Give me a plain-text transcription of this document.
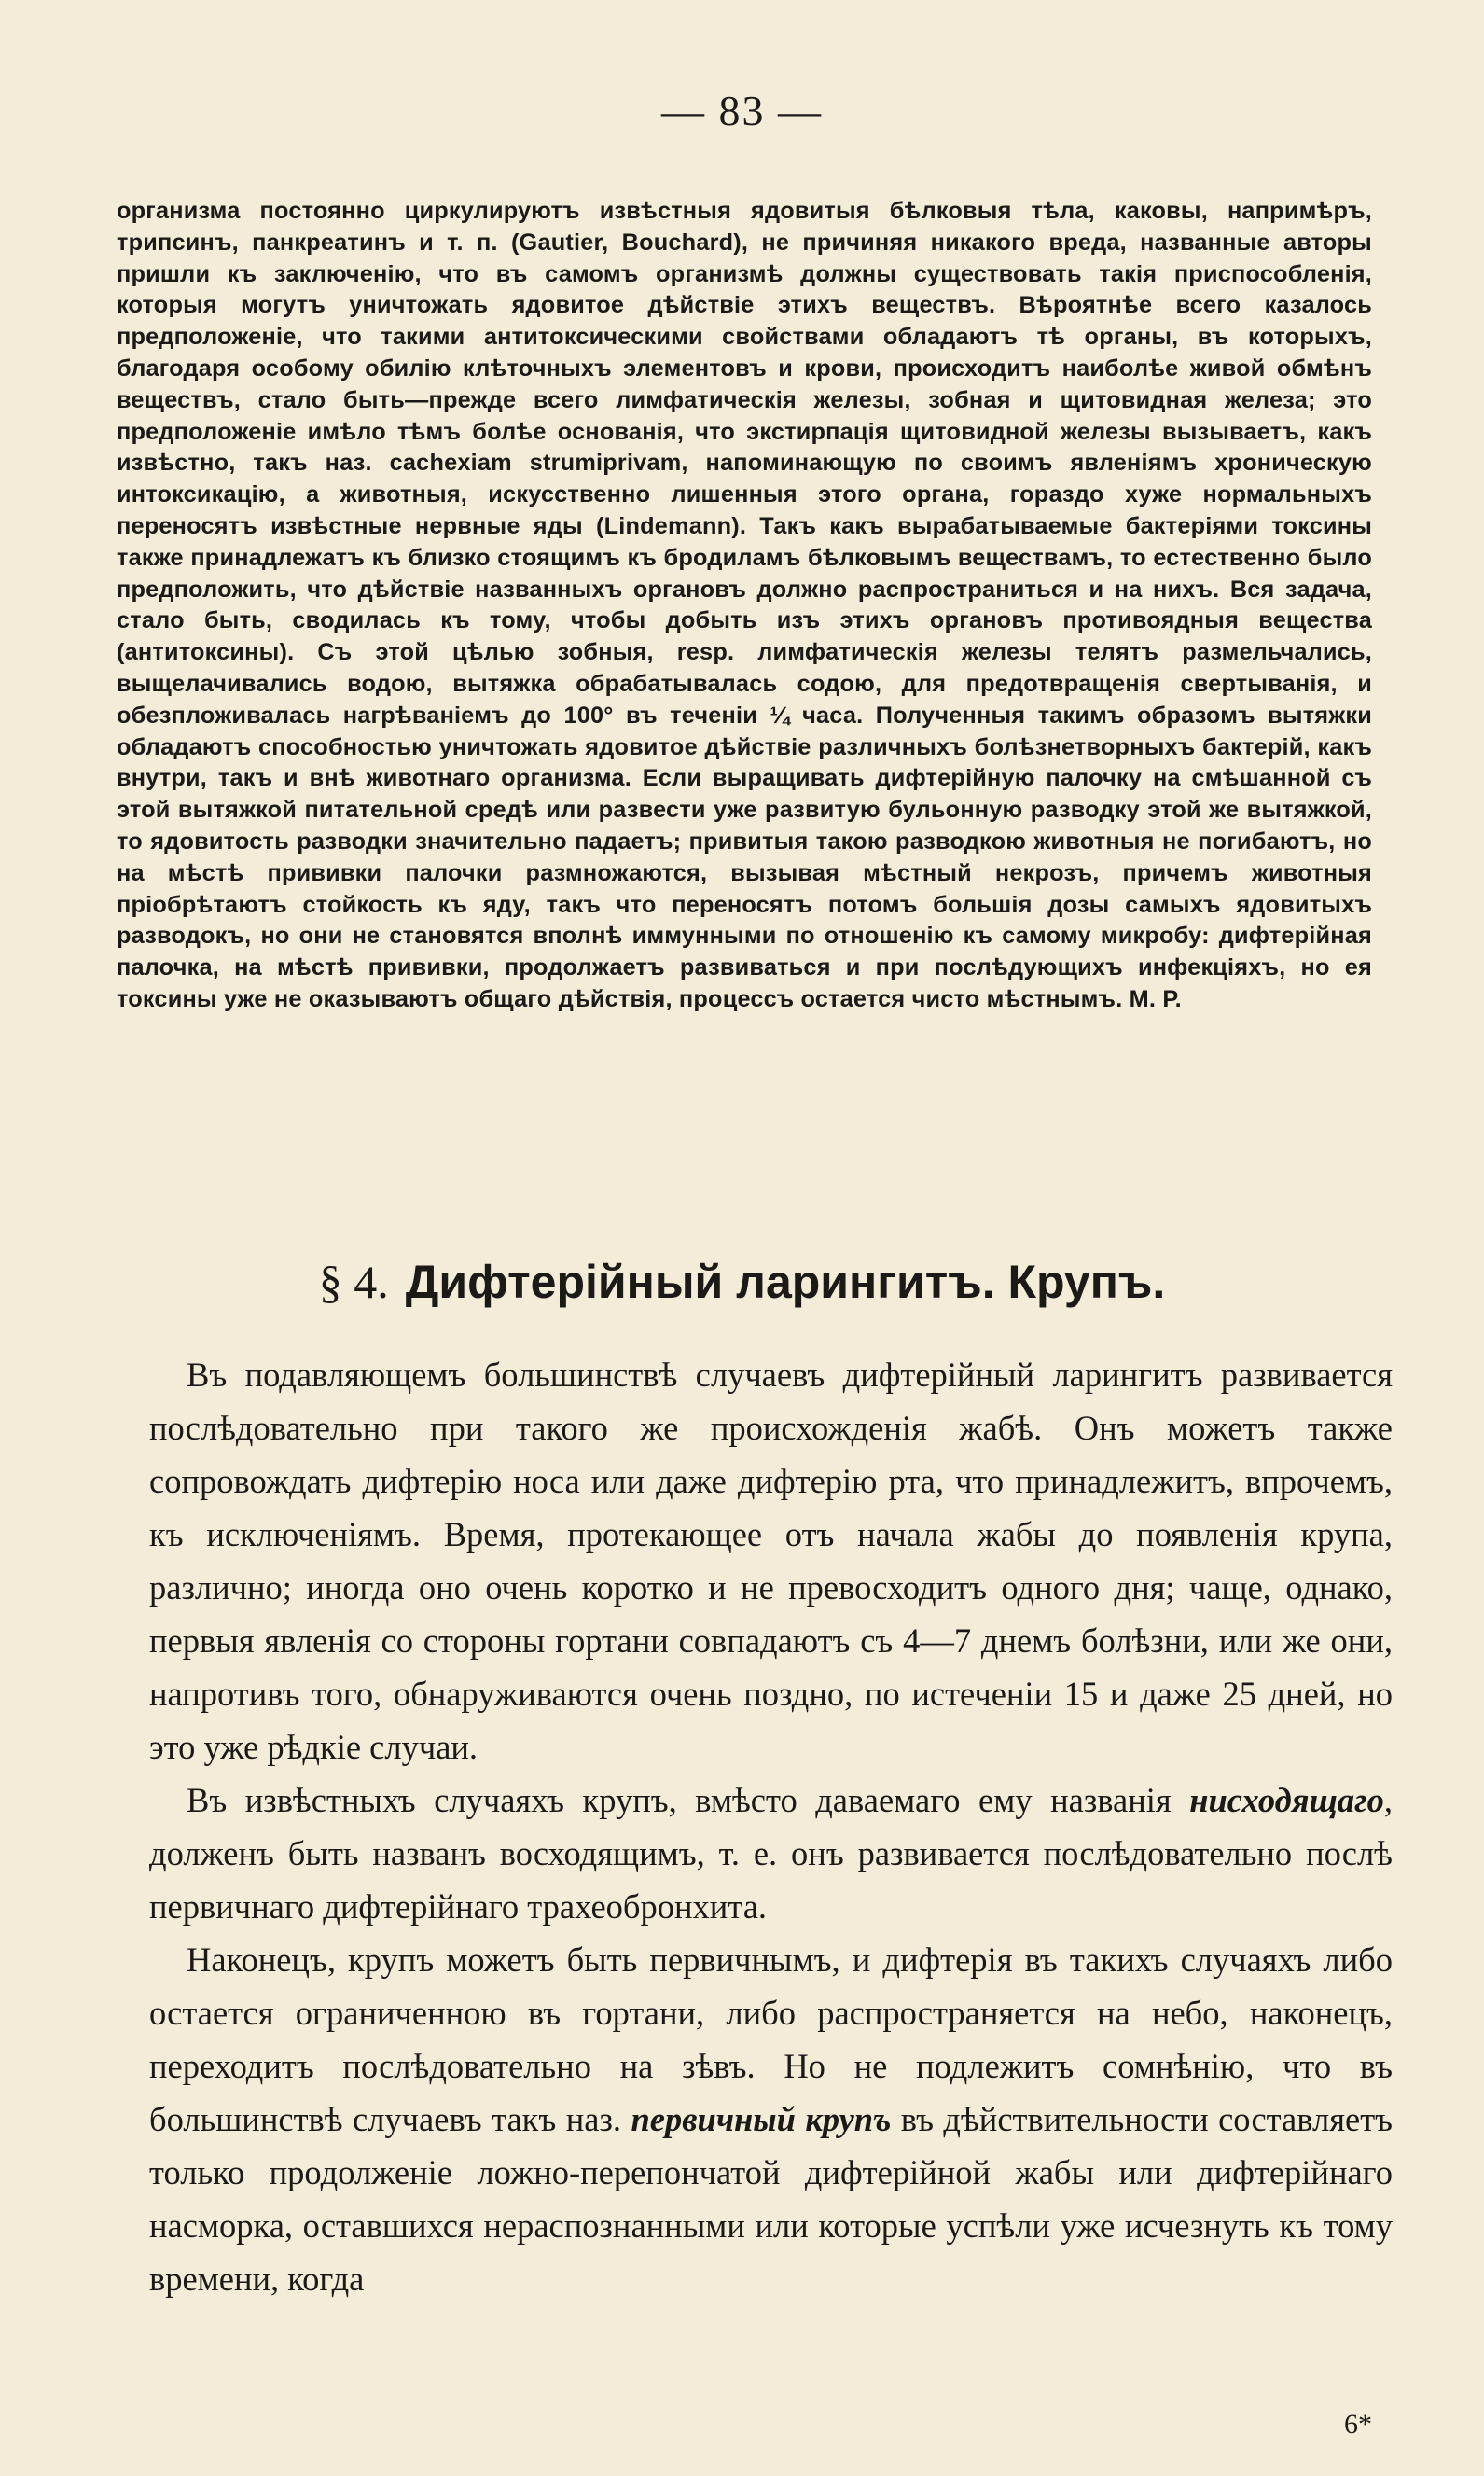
— 83 —

организма постоянно циркулируютъ извѣстныя ядовитыя бѣлковыя тѣла, каковы, напримѣръ, трипсинъ, панкреатинъ и т. п. (Gautier, Bouchard), не причиняя никакого вреда, названные авторы пришли къ заключенію, что въ самомъ организмѣ должны существовать такія приспособленія, которыя могутъ уничтожать ядовитое дѣйствіе этихъ веществъ. Вѣроятнѣе всего казалось предположеніе, что такими антитоксическими свойствами обладаютъ тѣ органы, въ которыхъ, благодаря особому обилію клѣточныхъ элементовъ и крови, происходитъ наиболѣе живой обмѣнъ веществъ, стало быть—прежде всего лимфатическія железы, зобная и щитовидная железа; это предположеніе имѣло тѣмъ болѣе основанія, что экстирпація щитовидной железы вызываетъ, какъ извѣстно, такъ наз. cachexiam strumiprivam, напоминающую по своимъ явленіямъ хроническую интоксикацію, а животныя, искусственно лишенныя этого органа, гораздо хуже нормальныхъ переносятъ извѣстные нервные яды (Lindemann). Такъ какъ вырабатываемые бактеріями токсины также принадлежатъ къ близко стоящимъ къ бродиламъ бѣлковымъ веществамъ, то естественно было предположить, что дѣйствіе названныхъ органовъ должно распространиться и на нихъ. Вся задача, стало быть, сводилась къ тому, чтобы добыть изъ этихъ органовъ противоядныя вещества (антитоксины). Съ этой цѣлью зобныя, resp. лимфатическія железы телятъ размельчались, выщелачивались водою, вытяжка обрабатывалась содою, для предотвращенія свертыванія, и обезпложивалась нагрѣваніемъ до 100° въ теченіи ¼ часа. Полученныя такимъ образомъ вытяжки обладаютъ способностью уничтожать ядовитое дѣйствіе различныхъ болѣзнетворныхъ бактерій, какъ внутри, такъ и внѣ животнаго организма. Если выращивать дифтерійную палочку на смѣшанной съ этой вытяжкой питательной средѣ или развести уже развитую бульонную разводку этой же вытяжкой, то ядовитость разводки значительно падаетъ; привитыя такою разводкою животныя не погибаютъ, но на мѣстѣ прививки палочки размножаются, вызывая мѣстный некрозъ, причемъ животныя пріобрѣтаютъ стойкость къ яду, такъ что переносятъ потомъ большія дозы самыхъ ядовитыхъ разводокъ, но они не становятся вполнѣ иммунными по отношенію къ самому микробу: дифтерійная палочка, на мѣстѣ прививки, продолжаетъ развиваться и при послѣдующихъ инфекціяхъ, но ея токсины уже не оказываютъ общаго дѣйствія, процессъ остается чисто мѣстнымъ. М. Р.

§ 4. Дифтерійный ларингитъ. Крупъ.

Въ подавляющемъ большинствѣ случаевъ дифтерійный ларингитъ развивается послѣдовательно при такого же происхожденія жабѣ. Онъ можетъ также сопровождать дифтерію носа или даже дифтерію рта, что принадлежитъ, впрочемъ, къ исключеніямъ. Время, протекающее отъ начала жабы до появленія крупа, различно; иногда оно очень коротко и не превосходитъ одного дня; чаще, однако, первыя явленія со стороны гортани совпадаютъ съ 4—7 днемъ болѣзни, или же они, напротивъ того, обнаруживаются очень поздно, по истеченіи 15 и даже 25 дней, но это уже рѣдкіе случаи.

Въ извѣстныхъ случаяхъ крупъ, вмѣсто даваемаго ему названія нисходящаго, долженъ быть названъ восходящимъ, т. е. онъ развивается послѣдовательно послѣ первичнаго дифтерійнаго трахеобронхита.

Наконецъ, крупъ можетъ быть первичнымъ, и дифтерія въ такихъ случаяхъ либо остается ограниченною въ гортани, либо распространяется на небо, наконецъ, переходитъ послѣдовательно на зѣвъ. Но не подлежитъ сомнѣнію, что въ большинствѣ случаевъ такъ наз. первичный крупъ въ дѣйствительности составляетъ только продолженіе ложно-перепончатой дифтерійной жабы или дифтерійнаго насморка, оставшихся нераспознанными или которые успѣли уже исчезнуть къ тому времени, когда

6*
